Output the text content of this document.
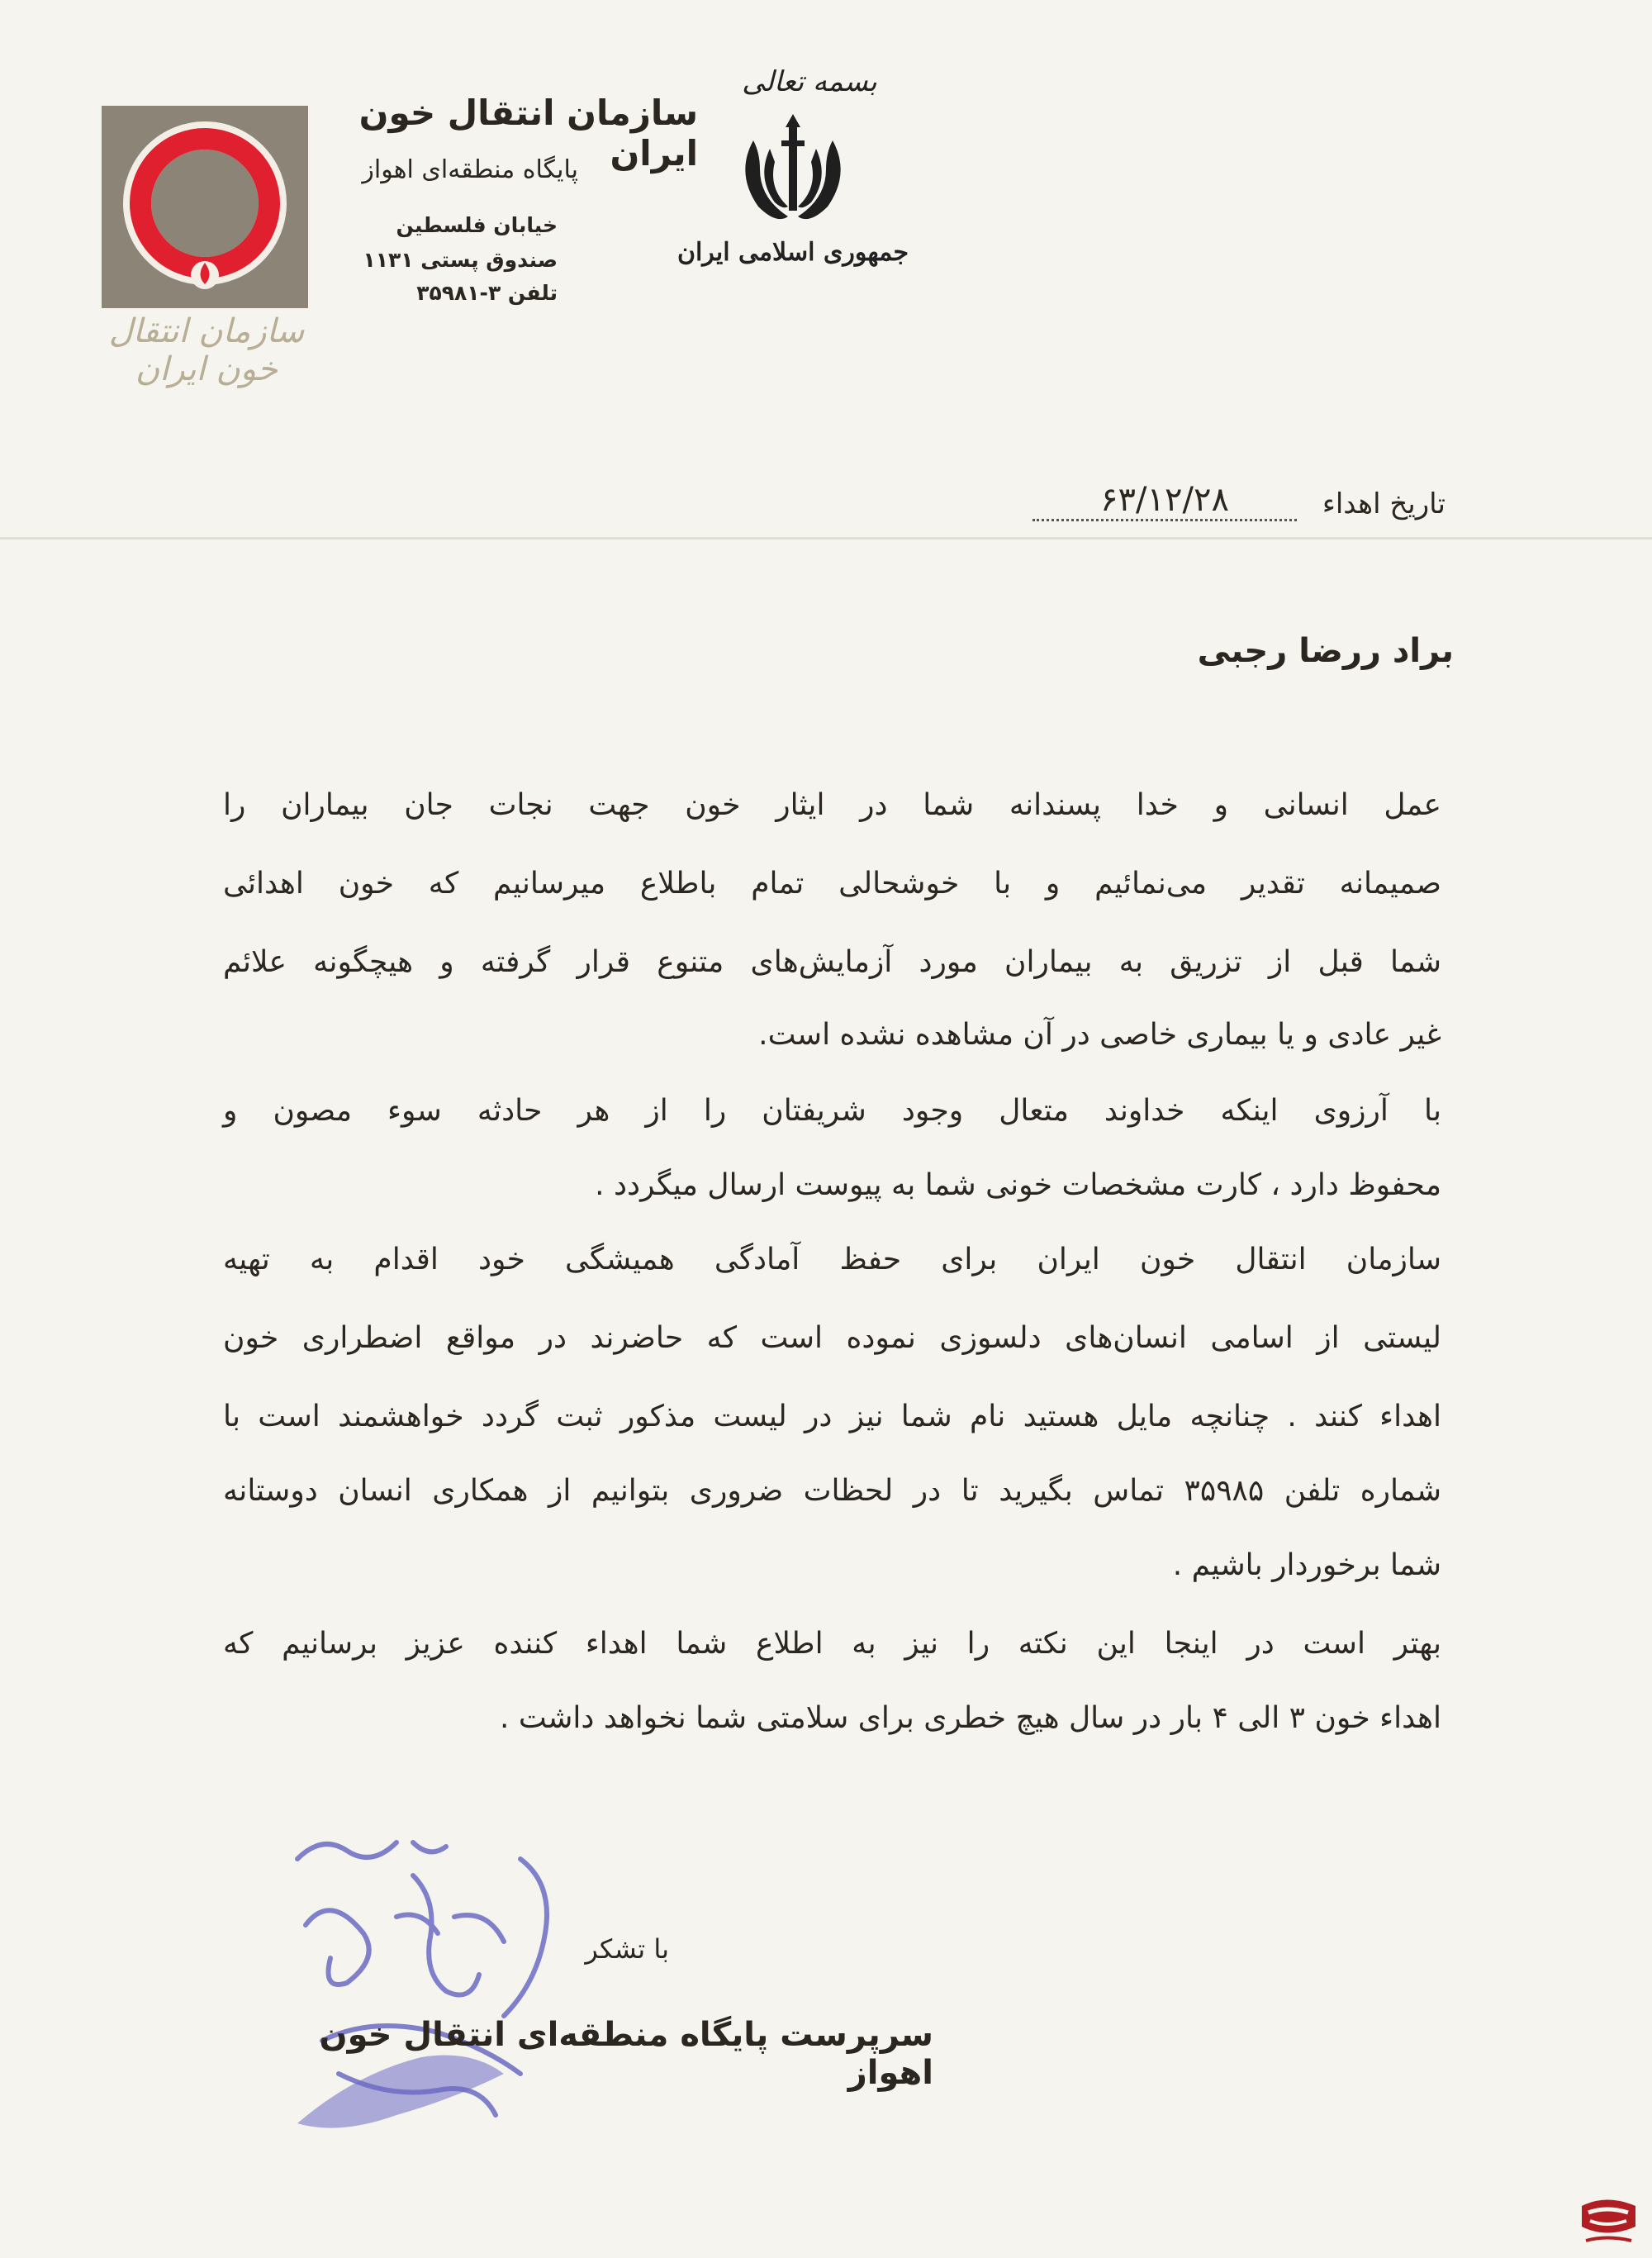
سازمان انتقال خون ایران
سازمان انتقال خون ایران
پایگاه منطقه‌ای اهواز
خیابان فلسطین
صندوق پستی ۱۱۳۱
تلفن ۳-۳۵۹۸۱
بسمه تعالی
جمهوری اسلامی ایران
تاریخ اهداء
۶۳/۱۲/۲۸
براد ررضا رجبی
عمل انسانی و خدا پسندانه شما در ایثار خون جهت نجات جان بیماران را
صمیمانه تقدیر می‌نمائیم و با خوشحالی تمام باطلاع میرسانیم که خون اهدائی
شما قبل از تزریق به بیماران مورد آزمایش‌های متنوع قرار گرفته و هیچگونه علائم
غیر عادی و یا بیماری خاصی در آن مشاهده نشده است.
با آرزوی اینکه خداوند متعال وجود شریفتان را از هر حادثه سوء مصون و
محفوظ دارد ، کارت مشخصات خونی شما به پیوست ارسال میگردد .
سازمان انتقال خون ایران برای حفظ آمادگی همیشگی خود اقدام به تهیه
لیستی از اسامی انسان‌های دلسوزی نموده است که حاضرند در مواقع اضطراری خون
اهداء کنند . چنانچه مایل هستید نام شما نیز در لیست مذکور ثبت گردد خواهشمند است با
شماره تلفن ۳۵۹۸۵ تماس بگیرید تا در لحظات ضروری بتوانیم از همکاری انسان دوستانه
شما برخوردار باشیم .
بهتر است در اینجا این نکته را نیز به اطلاع شما اهداء کننده عزیز برسانیم که
اهداء خون ۳ الی ۴ بار در سال هیچ خطری برای سلامتی شما نخواهد داشت .
با تشکر
سرپرست پایگاه منطقه‌ای انتقال خون اهواز
